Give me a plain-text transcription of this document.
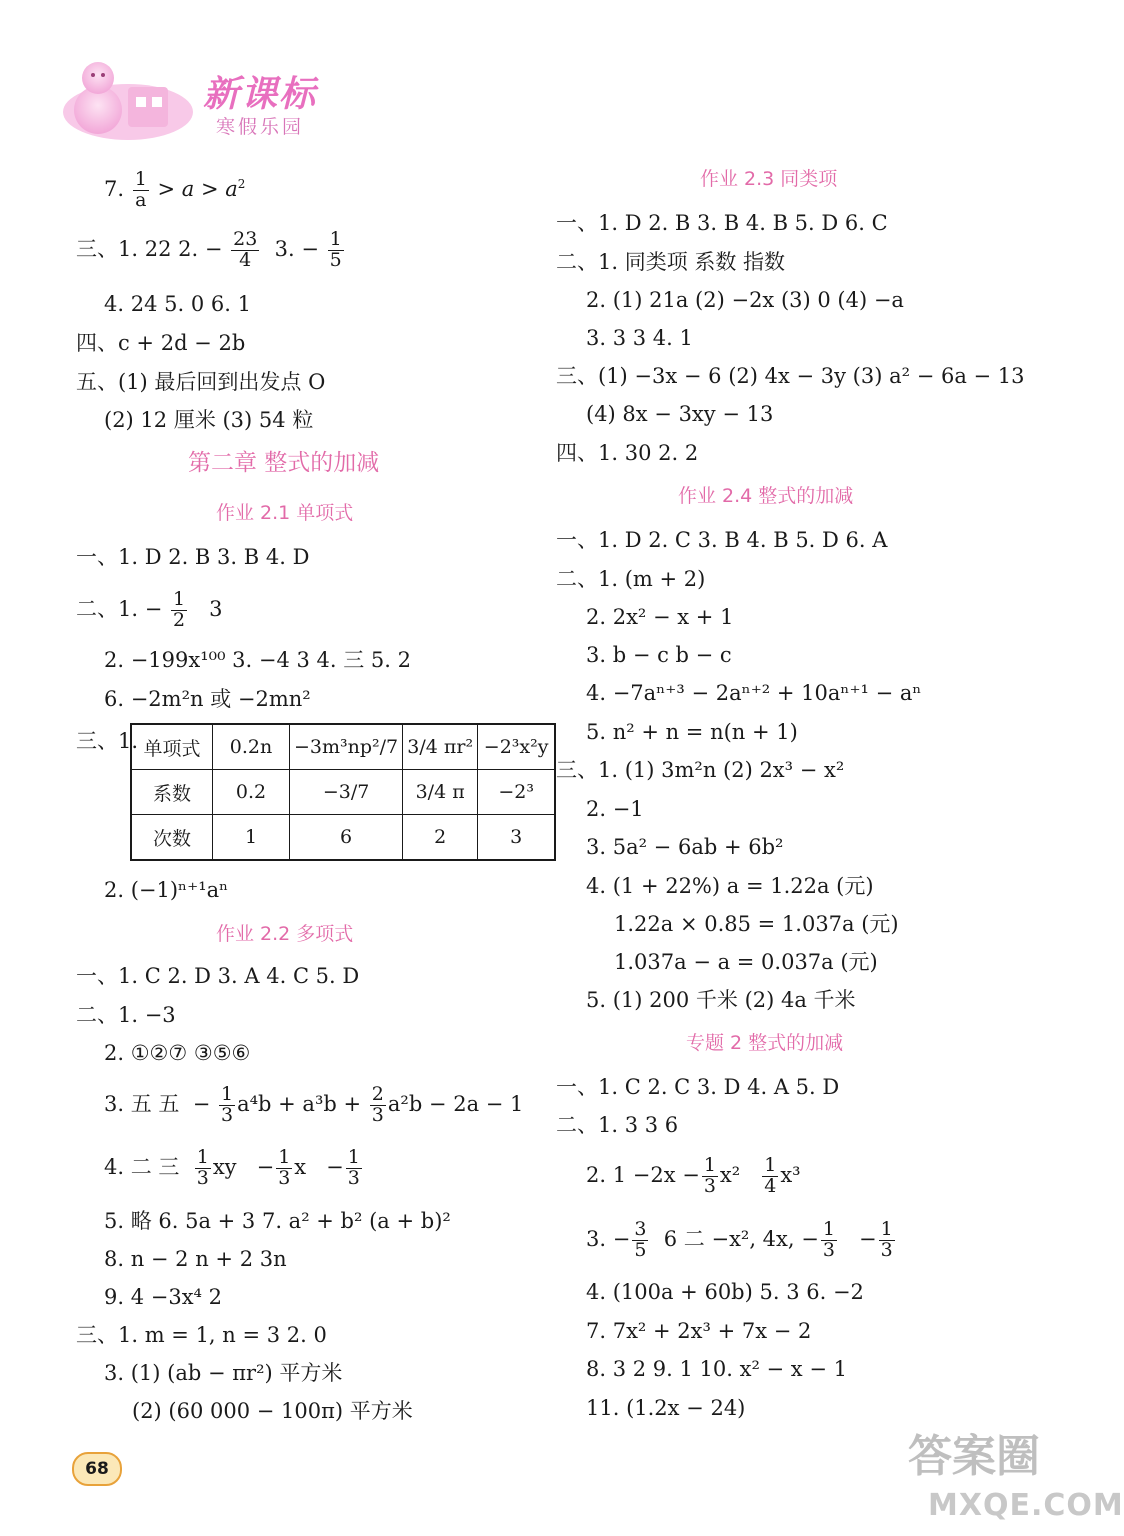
新课标
寒假乐园
7. $\frac{1}{a} > a > a^2$
三、1. 22 2. − $\frac{23}{4} 3$. − $\frac{1}{5}$
4. 24 5. 0 6. 1
四、c + 2d − 2b
五、(1) 最后回到出发点 O
(2) 12 厘米 (3) 54 粒
第二章 整式的加减
作业 2.1 单项式
一、1. D 2. B 3. B 4. D
二、1. − $\frac{1}{2} 3$
2. −199x¹⁰⁰ 3. −4 3 4. 三 5. 2
6. −2m²n 或 −2mn²
三、1. 单项式	0.2n	−3m³np²/7	3/4 πr²	−2³x²y
系数	0.2	−3/7	3/4 π	−2³
次数	1	6	2	3
2. (−1)ⁿ⁺¹aⁿ
作业 2.2 多项式
一、1. C 2. D 3. A 4. C 5. D
二、1. −3
2. ①②⑦ ③⑤⑥
3. 五 五  − $\frac{1}{3} a^4b + a^3b + \frac{2}{3} a^2b - 2a - 1$
4. 二 三 $\frac{1}{3}$ xy   − $\frac{1}{3}$ $x - \frac{1}{3}$
5. 略 6. 5a + 3 7. a² + b² (a + b)²
8. n − 2 n + 2 3n
9. 4 −3x⁴ 2
三、1. m = 1, n = 3 2. 0
3. (1) (ab − πr²) 平方米
(2) (60 000 − 100π) 平方米
68
作业 2.3 同类项
一、1. D 2. B 3. B 4. B 5. D 6. C
二、1. 同类项 系数 指数
2. (1) 21a (2) −2x (3) 0 (4) −a
3. 3 3 4. 1
三、(1) −3x − 6 (2) 4x − 3y (3) a² − 6a − 13
(4) 8x − 3xy − 13
四、1. 30 2. 2
作业 2.4 整式的加减
一、1. D 2. C 3. B 4. B 5. D 6. A
二、1. (m + 2)
2. 2x² − x + 1
3. b − c b − c
4. −7aⁿ⁺³ − 2aⁿ⁺² + 10aⁿ⁺¹ − aⁿ
5. n² + n = n(n + 1)
三、1. (1) 3m²n (2) 2x³ − x²
2. −1
3. 5a² − 6ab + 6b²
4. (1 + 22%) a = 1.22a (元)
1.22a × 0.85 = 1.037a (元)
1.037a − a = 0.037a (元)
5. (1) 200 千米 (2) 4a 千米
专题 2 整式的加减
一、1. C 2. C 3. D 4. A 5. D
二、1. 3 3 6
2. $1 -2x - \frac{1}{3} x^2 \frac{1}{4} x^3$
3. − $\frac{3}{5} 6$ 二 −x², 4x, − $\frac{1}{3} - \frac{1}{3}$
4. (100a + 60b) 5. 3 6. −2
7. 7x² + 2x³ + 7x − 2
8. 3 2 9. 1 10. x² − x − 1
11. (1.2x − 24)
答案圈
MXQE.COM
